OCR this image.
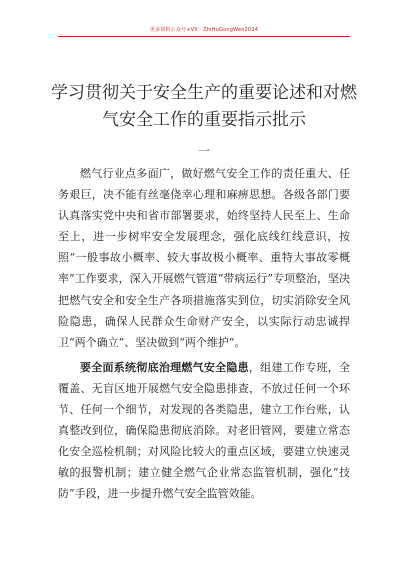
更多资料公众号+VX：ZhiHuGongWen2024
学习贯彻关于安全生产的重要论述和对燃气安全工作的重要指示批示
一

燃气行业点多面广，做好燃气安全工作的责任重大、任务艰巨，决不能有丝毫侥幸心理和麻痹思想。各级各部门要认真落实党中央和省市部署要求，始终坚持人民至上、生命至上，进一步树牢安全发展理念，强化底线红线意识，按照“一般事故小概率、较大事故极小概率、重特大事故零概率”工作要求，深入开展燃气管道“带病运行”专项整治，坚决把燃气安全和安全生产各项措施落实到位，切实消除安全风险隐患，确保人民群众生命财产安全，以实际行动忠诚捍卫“两个确立”、坚决做到“两个维护”。

要全面系统彻底治理燃气安全隐患，组建工作专班，全覆盖、无盲区地开展燃气安全隐患排查，不放过任何一个环节、任何一个细节，对发现的各类隐患，建立工作台账，认真整改到位，确保隐患彻底消除。对老旧管网，要建立常态化安全巡检机制；对风险比较大的重点区域，要建立快速灵敏的报警机制；建立健全燃气企业常态监管机制，强化“技防”手段，进一步提升燃气安全监管效能。
